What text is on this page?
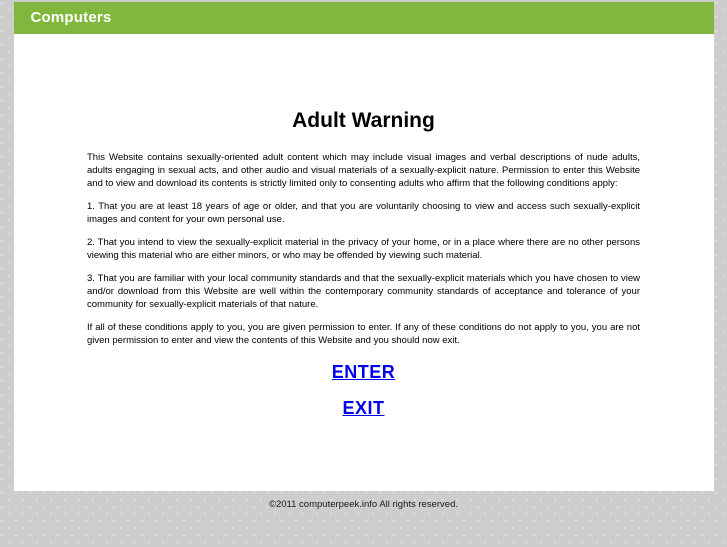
Computers
Adult Warning

This Website contains sexually-oriented adult content which may include visual images and verbal descriptions of nude adults, adults engaging in sexual acts, and other audio and visual materials of a sexually-explicit nature. Permission to enter this Website and to view and download its contents is strictly limited only to consenting adults who affirm that the following conditions apply:

1. That you are at least 18 years of age or older, and that you are voluntarily choosing to view and access such sexually-explicit images and content for your own personal use.

2. That you intend to view the sexually-explicit material in the privacy of your home, or in a place where there are no other persons viewing this material who are either minors, or who may be offended by viewing such material.

3. That you are familiar with your local community standards and that the sexually-explicit materials which you have chosen to view and/or download from this Website are well within the contemporary community standards of acceptance and tolerance of your community for sexually-explicit materials of that nature.

If all of these conditions apply to you, you are given permission to enter. If any of these conditions do not apply to you, you are not given permission to enter and view the contents of this Website and you should now exit.

ENTER
EXIT
©2011 computerpeek.info All rights reserved.
